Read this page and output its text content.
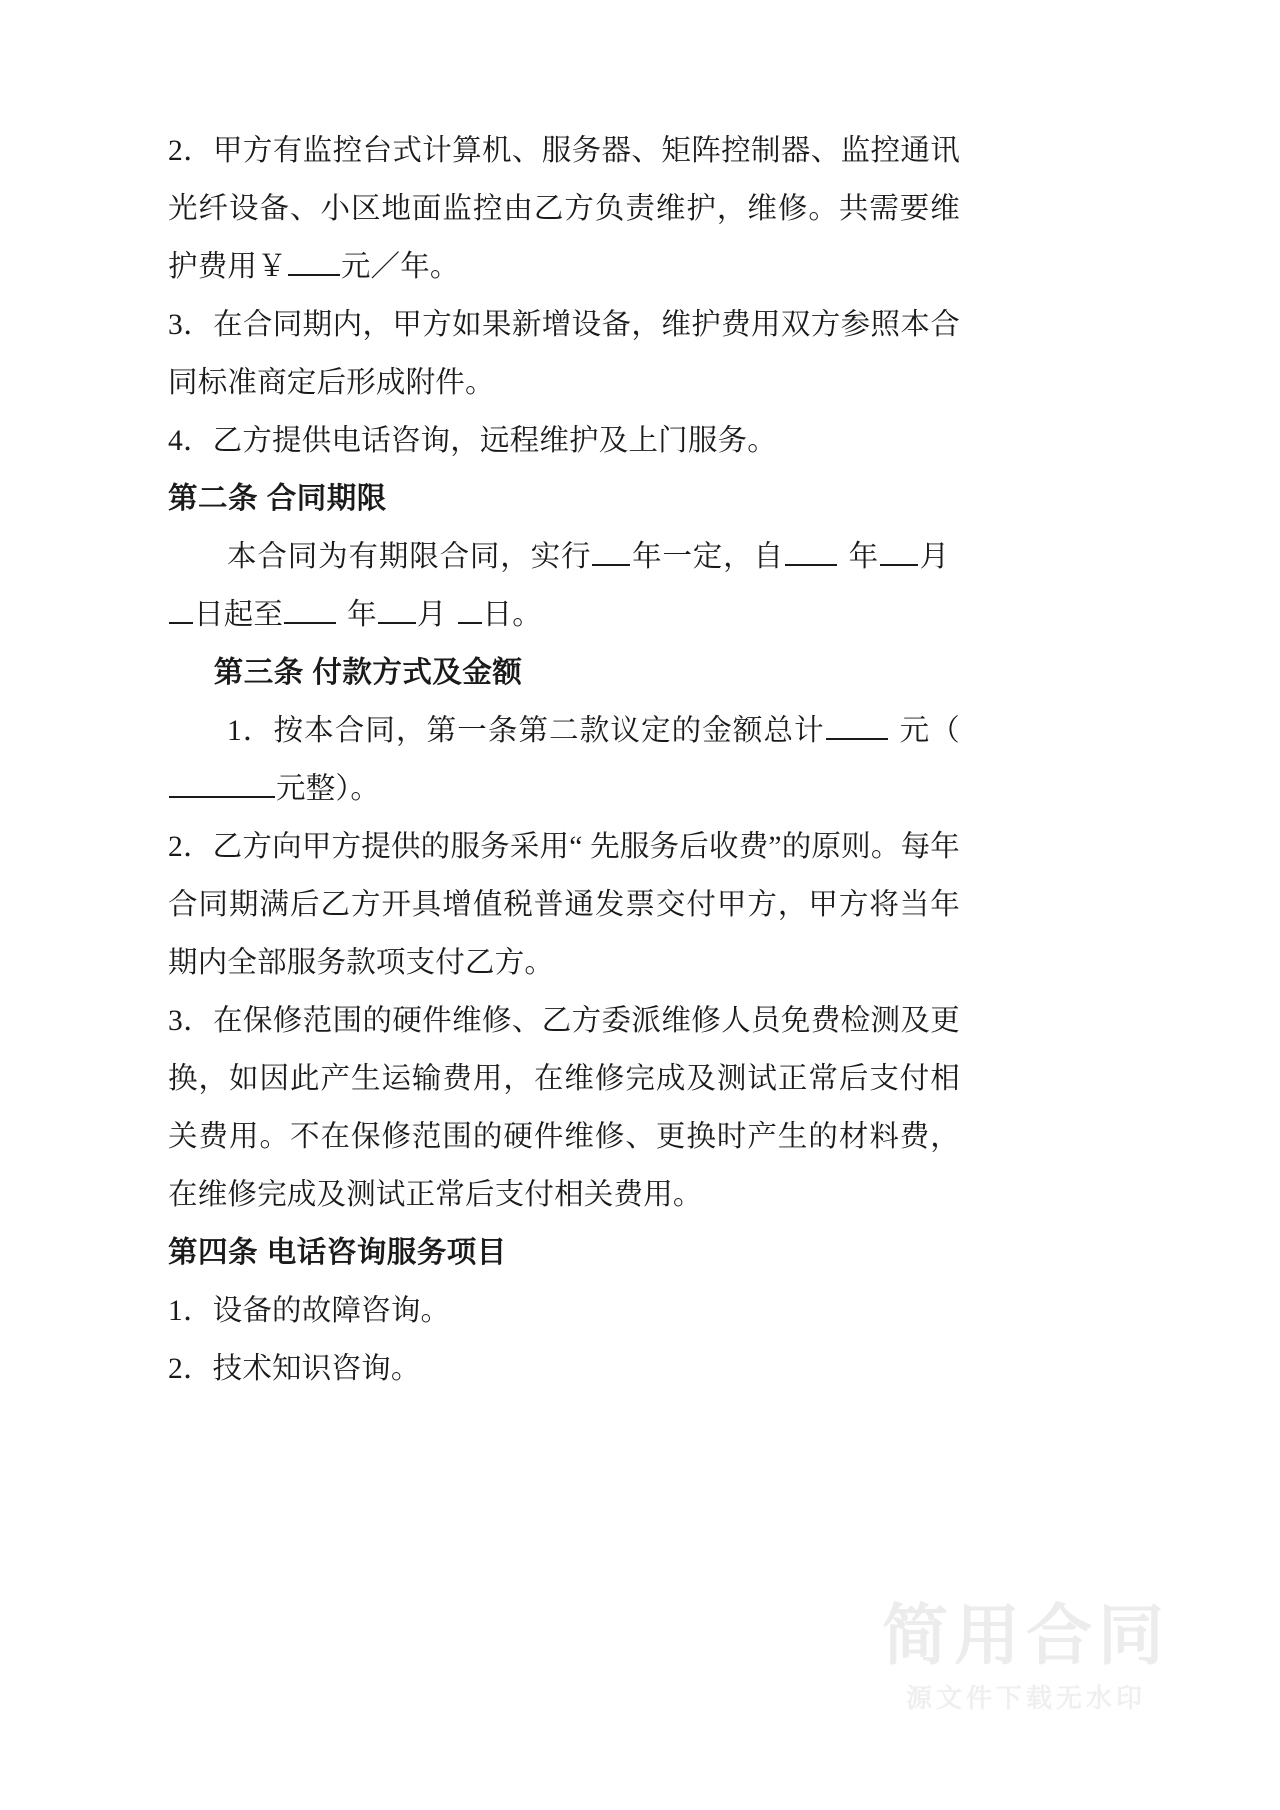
2．甲方有监控台式计算机、服务器、矩阵控制器、监控通讯光纤设备、小区地面监控由乙方负责维护，维修。共需要维护费用￥ 元／年。
3．在合同期内，甲方如果新增设备，维护费用双方参照本合同标准商定后形成附件。
4．乙方提供电话咨询，远程维护及上门服务。
第二条 合同期限
本合同为有期限合同，实行 年一定，自 年 月日起至 年 月 日。
第三条 付款方式及金额
1．按本合同，第一条第二款议定的金额总计	元（元整）。
2．乙方向甲方提供的服务采用“ 先服务后收费”的原则。每年合同期满后乙方开具增值税普通发票交付甲方，甲方将当年期内全部服务款项支付乙方。
3．在保修范围的硬件维修、乙方委派维修人员免费检测及更换，如因此产生运输费用，在维修完成及测试正常后支付相关费用。不在保修范围的硬件维修、更换时产生的材料费，在维修完成及测试正常后支付相关费用。
第四条 电话咨询服务项目
1．设备的故障咨询。
2．技术知识咨询。
简用合同
源文件下载无水印
